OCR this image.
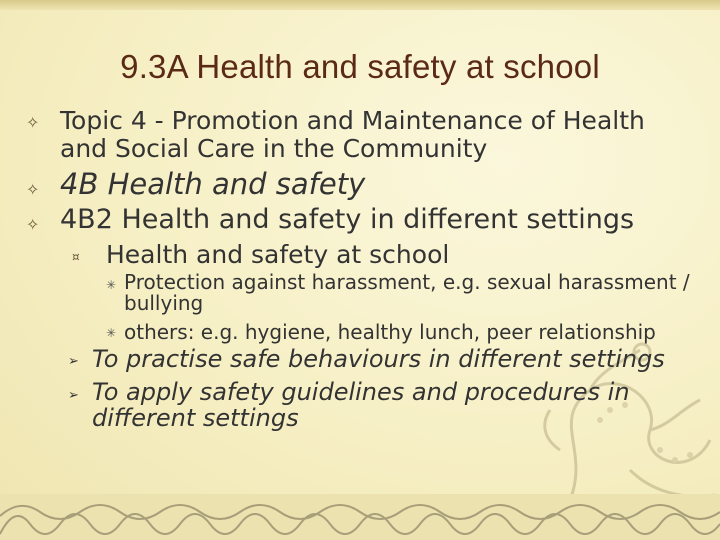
9.3A Health and safety at school
✧ Topic 4 - Promotion and Maintenance of Health and Social Care in the Community
✧ 4B Health and safety
✧ 4B2 Health and safety in different settings
¤ Health and safety at school
✳ Protection against harassment, e.g. sexual harassment / bullying
✳ others: e.g. hygiene, healthy lunch, peer relationship
➢ To practise safe behaviours in different settings
➢ To apply safety guidelines and procedures in different settings
